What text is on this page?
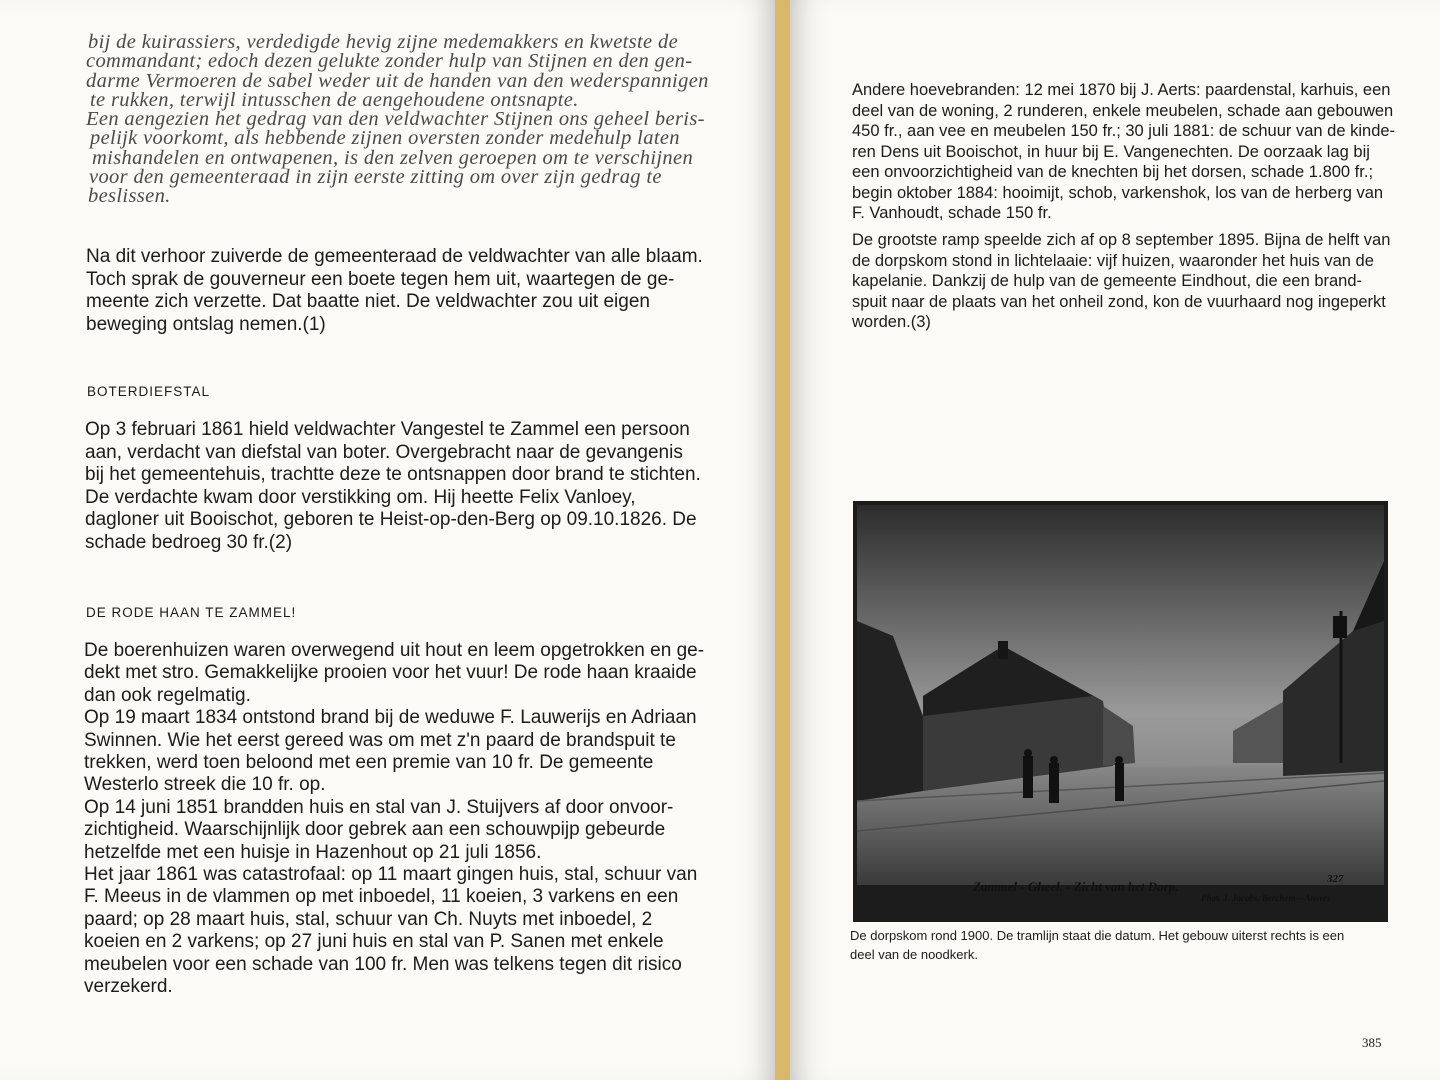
bij de kuirassiers, verdedigde hevig zijne medemakkers en kwetste de
commandant; edoch dezen gelukte zonder hulp van Stijnen en den gen-
darme Vermoeren de sabel weder uit de handen van den wederspannigen
te rukken, terwijl intusschen de aengehoudene ontsnapte.
Een aengezien het gedrag van den veldwachter Stijnen ons geheel beris-
pelijk voorkomt, als hebbende zijnen oversten zonder medehulp laten
mishandelen en ontwapenen, is den zelven geroepen om te verschijnen
voor den gemeenteraad in zijn eerste zitting om over zijn gedrag te
beslissen.
Na dit verhoor zuiverde de gemeenteraad de veldwachter van alle blaam.
Toch sprak de gouverneur een boete tegen hem uit, waartegen de ge-
meente zich verzette. Dat baatte niet. De veldwachter zou uit eigen
beweging ontslag nemen.(1)
BOTERDIEFSTAL
Op 3 februari 1861 hield veldwachter Vangestel te Zammel een persoon
aan, verdacht van diefstal van boter. Overgebracht naar de gevangenis
bij het gemeentehuis, trachtte deze te ontsnappen door brand te stichten.
De verdachte kwam door verstikking om. Hij heette Felix Vanloey,
dagloner uit Booischot, geboren te Heist-op-den-Berg op 09.10.1826. De
schade bedroeg 30 fr.(2)
DE RODE HAAN TE ZAMMEL!
De boerenhuizen waren overwegend uit hout en leem opgetrokken en ge-
dekt met stro. Gemakkelijke prooien voor het vuur! De rode haan kraaide
dan ook regelmatig.
Op 19 maart 1834 ontstond brand bij de weduwe F. Lauwerijs en Adriaan
Swinnen. Wie het eerst gereed was om met z'n paard de brandspuit te
trekken, werd toen beloond met een premie van 10 fr. De gemeente
Westerlo streek die 10 fr. op.
Op 14 juni 1851 brandden huis en stal van J. Stuijvers af door onvoor-
zichtigheid. Waarschijnlijk door gebrek aan een schouwpijp gebeurde
hetzelfde met een huisje in Hazenhout op 21 juli 1856.
Het jaar 1861 was catastrofaal: op 11 maart gingen huis, stal, schuur van
F. Meeus in de vlammen op met inboedel, 11 koeien, 3 varkens en een
paard; op 28 maart huis, stal, schuur van Ch. Nuyts met inboedel, 2
koeien en 2 varkens; op 27 juni huis en stal van P. Sanen met enkele
meubelen voor een schade van 100 fr. Men was telkens tegen dit risico
verzekerd.
Andere hoevebranden: 12 mei 1870 bij J. Aerts: paardenstal, karhuis, een
deel van de woning, 2 runderen, enkele meubelen, schade aan gebouwen
450 fr., aan vee en meubelen 150 fr.; 30 juli 1881: de schuur van de kinde-
ren Dens uit Booischot, in huur bij E. Vangenechten. De oorzaak lag bij
een onvoorzichtigheid van de knechten bij het dorsen, schade 1.800 fr.;
begin oktober 1884: hooimijt, schob, varkenshok, los van de herberg van
F. Vanhoudt, schade 150 fr.
De grootste ramp speelde zich af op 8 september 1895. Bijna de helft van
de dorpskom stond in lichtelaaie: vijf huizen, waaronder het huis van de
kapelanie. Dankzij de hulp van de gemeente Eindhout, die een brand-
spuit naar de plaats van het onheil zond, kon de vuurhaard nog ingeperkt
worden.(3)
Zammel - Gheel. - Zicht van het Dorp.	327
Phot. J. Jacobs, Berchem—Anvers
De dorpskom rond 1900. De tramlijn staat die datum. Het gebouw uiterst rechts is een
deel van de noodkerk.
385
